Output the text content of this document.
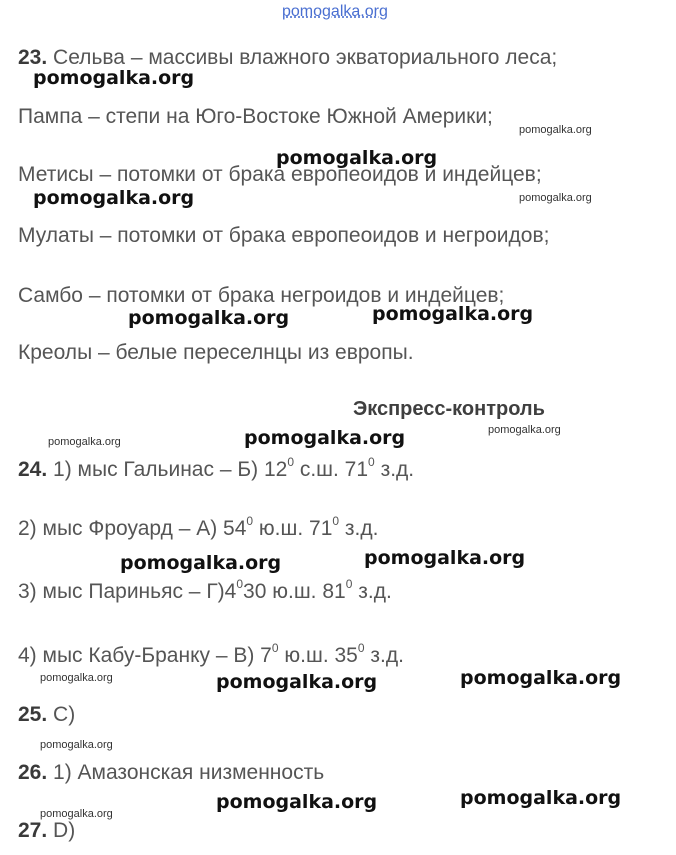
pomogalka.org
23. Сельва – массивы влажного экваториального леса;
Пампа – степи на Юго-Востоке Южной Америки;
Метисы – потомки от брака европеоидов и индейцев;
Мулаты – потомки от брака европеоидов и негроидов;
Самбо – потомки от брака негроидов и индейцев;
Креолы – белые переселнцы из европы.
Экспресс-контроль
24. 1) мыс Гальинас – Б) $12^0$ с.ш. $71^0$ з.д.
2) мыс Фроуард – А) $54^0$ ю.ш. $71^0$ з.д.
3) мыс Париньяс – $Г)4^030$ ю.ш. $81^0$ з.д.
4) мыс Кабу-Бранку – В) $7^0$ ю.ш. $35^0$ з.д.
25. C)
26. 1) Амазонская низменность
27. D)
pomogalka.org
pomogalka.org
pomogalka.org
pomogalka.org	pomogalka.org
pomogalka.org	pomogalka.org
pomogalka.org
pomogalka.org
pomogalka.org
pomogalka.org	pomogalka.org
pomogalka.org	pomogalka.org	pomogalka.org
pomogalka.org
pomogalka.org	pomogalka.org
pomogalka.org
